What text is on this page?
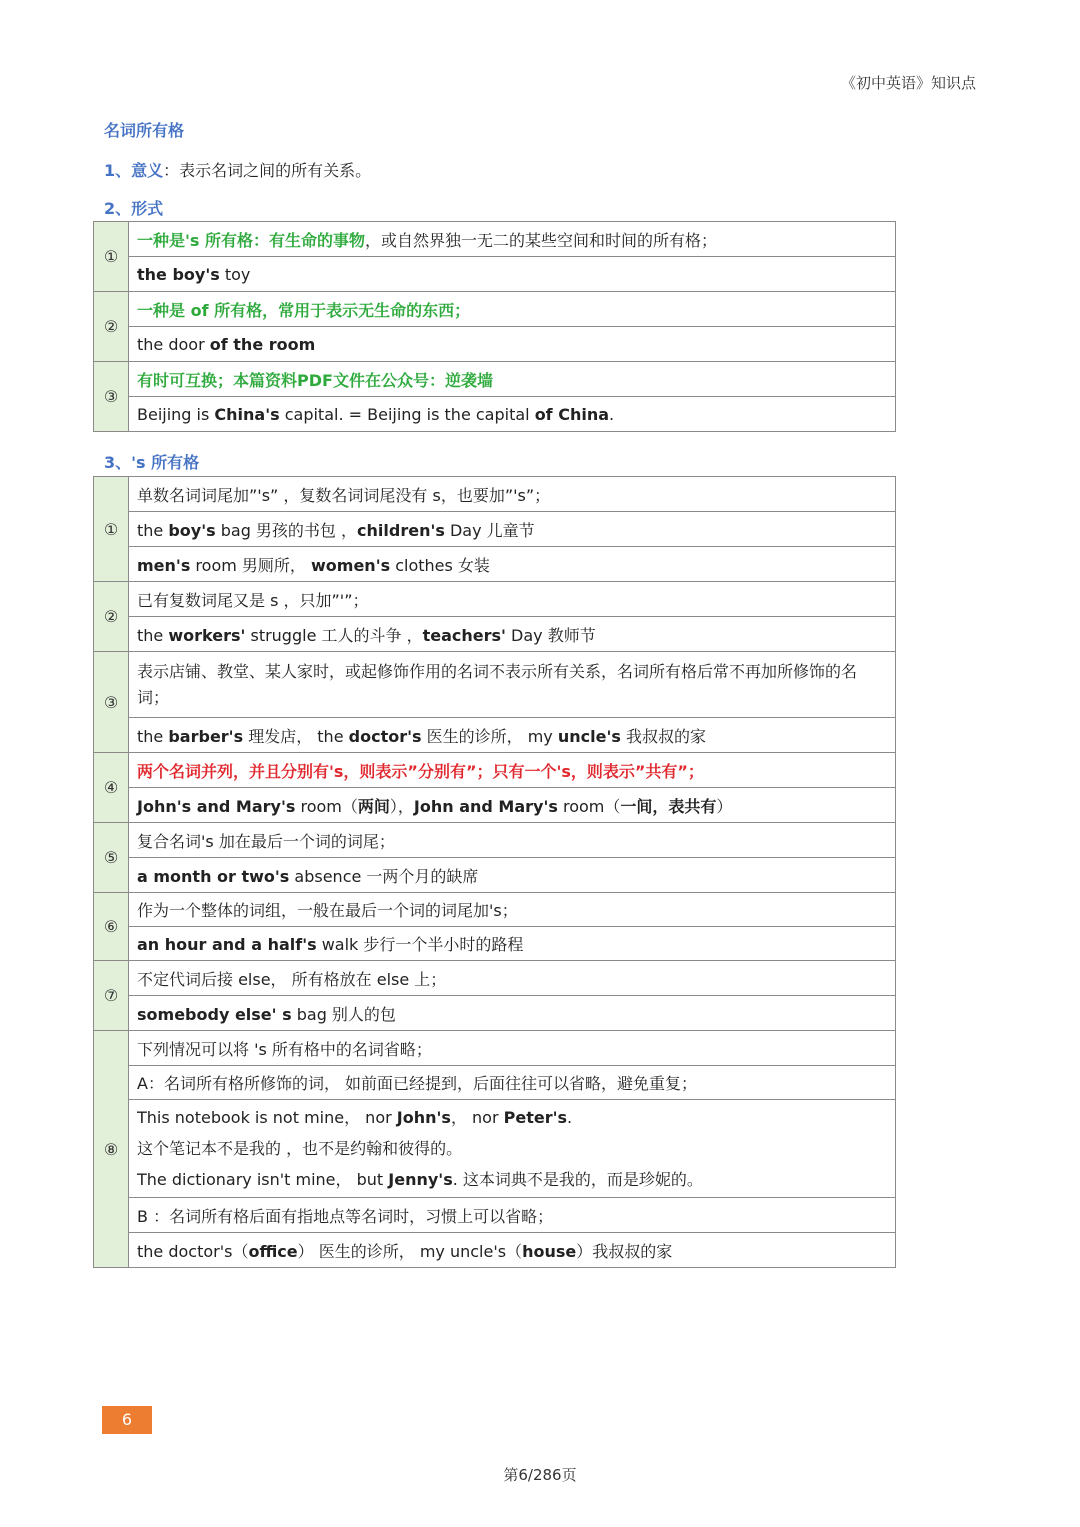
《初中英语》知识点
名词所有格
1、意义：表示名词之间的所有关系。
2、形式
①	一种是's 所有格：有生命的事物，或自然界独一无二的某些空间和时间的所有格；
	the boy's toy
②	一种是 of 所有格，常用于表示无生命的东西；
	the door of the room
③	有时可互换；本篇资料PDF文件在公众号：逆袭墙
	Beijing is China's capital. = Beijing is the capital of China.
3、's 所有格
①	单数名词词尾加”'s” ，复数名词词尾没有 s，也要加”'s”；
	the boy's bag 男孩的书包 ，children's Day 儿童节
	men's room 男厕所， women's clothes 女装
②	已有复数词尾又是 s ，只加”'”；
	the workers' struggle 工人的斗争 ，teachers' Day 教师节
③	表示店铺、教堂、某人家时，或起修饰作用的名词不表示所有关系，名词所有格后常不再加所修饰的名词；

	the barber's 理发店， the doctor's 医生的诊所， my uncle's 我叔叔的家
④	两个名词并列，并且分别有's，则表示”分别有”；只有一个's，则表示”共有”；
	John's and Mary's room（两间），John and Mary's room（一间，表共有）
⑤	复合名词's 加在最后一个词的词尾；
	a month or two's absence 一两个月的缺席
⑥	作为一个整体的词组，一般在最后一个词的词尾加's；
	an hour and a half's walk 步行一个半小时的路程
⑦	不定代词后接 else， 所有格放在 else 上；
	somebody else' s bag 别人的包
⑧	下列情况可以将 's 所有格中的名词省略；
	A：名词所有格所修饰的词， 如前面已经提到，后面往往可以省略，避免重复；

	This notebook is not mine， nor John's， nor Peter's.
这个笔记本不是我的 ，也不是约翰和彼得的。
The dictionary isn't mine， but Jenny's. 这本词典不是我的，而是珍妮的。

	B ：名词所有格后面有指地点等名词时，习惯上可以省略；
	the doctor's（office） 医生的诊所， my uncle's（house）我叔叔的家
6
第6/286页
